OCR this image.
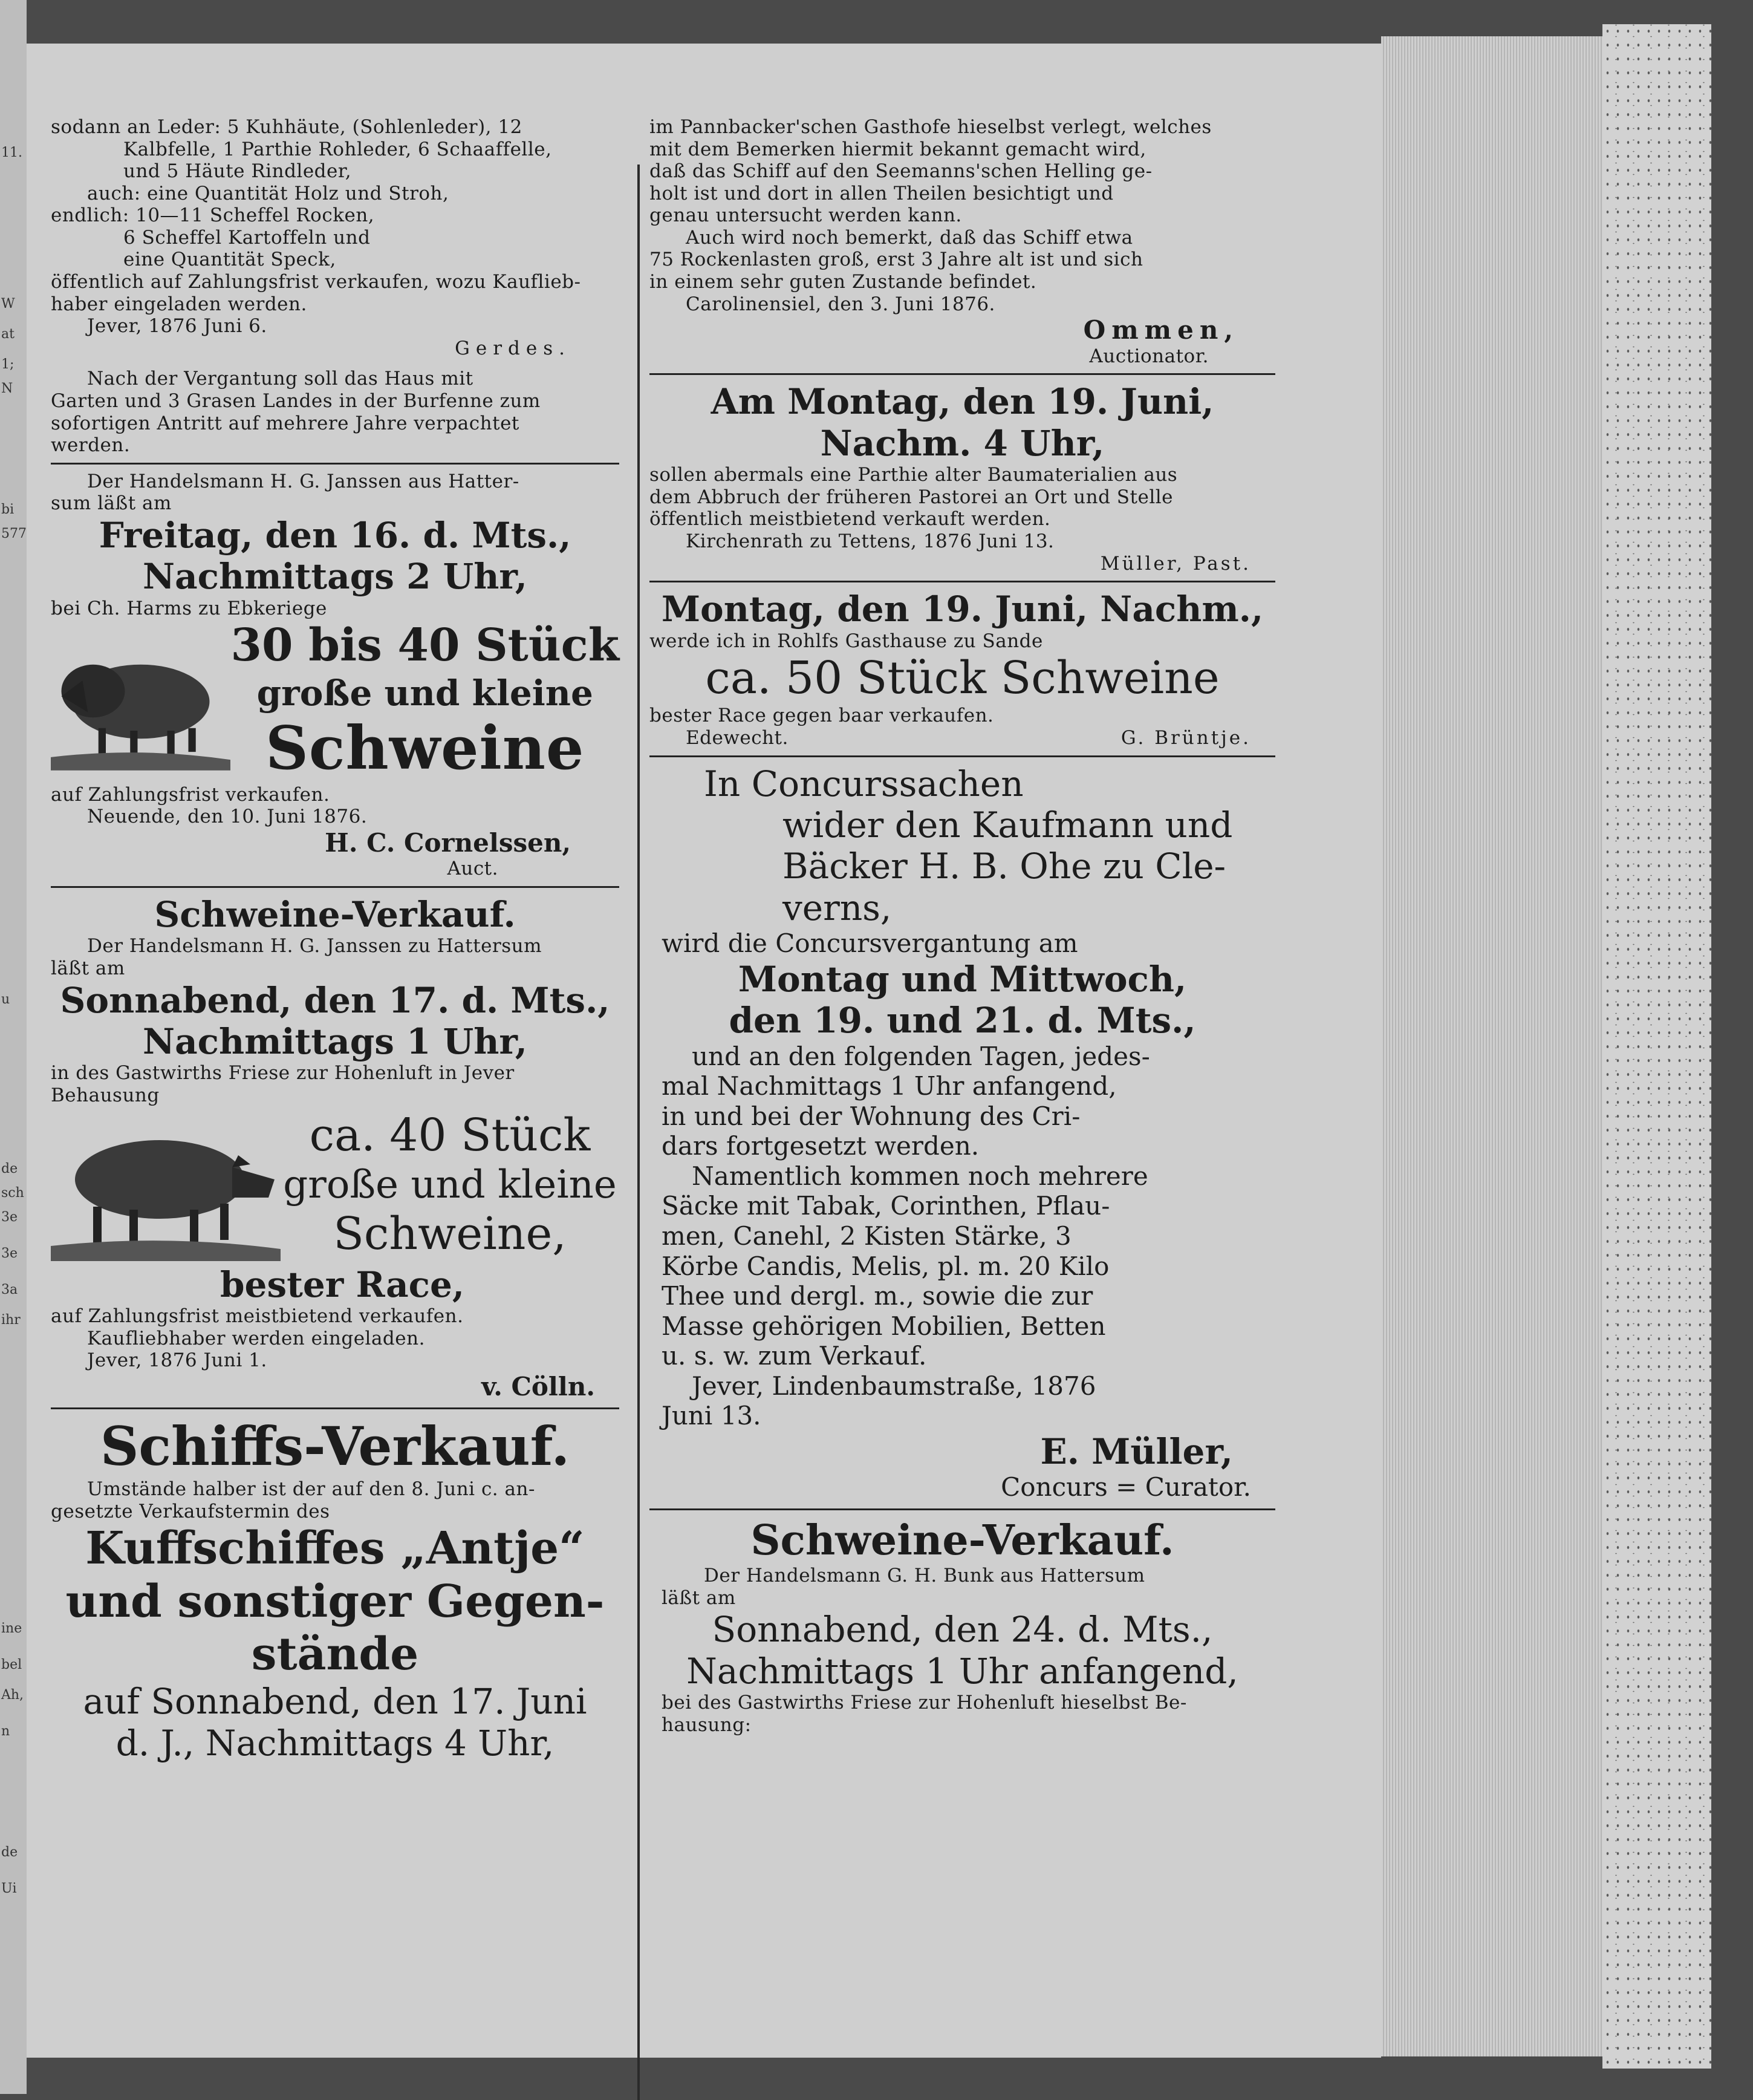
11.
W
at
1;
N
bi
577
u
de
sch
3e
3e
3a
ihr
ine
bel
Ah,
n
de
Ui
sodann an Leder: 5 Kuhhäute, (Sohlenleder), 12
Kalbfelle, 1 Parthie Rohleder, 6 Schaaffelle,
und 5 Häute Rindleder,
auch: eine Quantität Holz und Stroh,
endlich: 10—11 Scheffel Rocken,
6 Scheffel Kartoffeln und
eine Quantität Speck,
öffentlich auf Zahlungsfrist verkaufen, wozu Kauflieb-
haber eingeladen werden.
Jever, 1876 Juni 6.
Gerdes.
Nach der Vergantung soll das Haus mit
Garten und 3 Grasen Landes in der Burfenne zum
sofortigen Antritt auf mehrere Jahre verpachtet
werden.
Der Handelsmann H. G. Janssen aus Hatter-
sum läßt am
Freitag, den 16. d. Mts.,
Nachmittags 2 Uhr,
bei Ch. Harms zu Ebkeriege
30 bis 40 Stück
große und kleine
Schweine
auf Zahlungsfrist verkaufen.
Neuende, den 10. Juni 1876.
H. C. Cornelssen,
Auct.
Schweine-Verkauf.
Der Handelsmann H. G. Janssen zu Hattersum
läßt am
Sonnabend, den 17. d. Mts.,
Nachmittags 1 Uhr,
in des Gastwirths Friese zur Hohenluft in Jever
Behausung
ca. 40 Stück
große und kleine
Schweine,
bester Race,
auf Zahlungsfrist meistbietend verkaufen.
Kaufliebhaber werden eingeladen.
Jever, 1876 Juni 1.
v. Cölln.
Schiffs-Verkauf.
Umstände halber ist der auf den 8. Juni c. an-
gesetzte Verkaufstermin des
Kuffschiffes „Antje“
und sonstiger Gegen-
stände
auf Sonnabend, den 17. Juni
d. J., Nachmittags 4 Uhr,
im Pannbacker'schen Gasthofe hieselbst verlegt, welches
mit dem Bemerken hiermit bekannt gemacht wird,
daß das Schiff auf den Seemanns'schen Helling ge-
holt ist und dort in allen Theilen besichtigt und
genau untersucht werden kann.
Auch wird noch bemerkt, daß das Schiff etwa
75 Rockenlasten groß, erst 3 Jahre alt ist und sich
in einem sehr guten Zustande befindet.
Carolinensiel, den 3. Juni 1876.
Ommen,
Auctionator.
Am Montag, den 19. Juni,
Nachm. 4 Uhr,
sollen abermals eine Parthie alter Baumaterialien aus
dem Abbruch der früheren Pastorei an Ort und Stelle
öffentlich meistbietend verkauft werden.
Kirchenrath zu Tettens, 1876 Juni 13.
Müller, Past.
Montag, den 19. Juni, Nachm.,
werde ich in Rohlfs Gasthause zu Sande
ca. 50 Stück Schweine
bester Race gegen baar verkaufen.
Edewecht.	G. Brüntje.
In Concurssachen
wider den Kaufmann und
Bäcker H. B. Ohe zu Cle-
verns,
wird die Concursvergantung am
Montag und Mittwoch,
den 19. und 21. d. Mts.,
und an den folgenden Tagen, jedes-
mal Nachmittags 1 Uhr anfangend,
in und bei der Wohnung des Cri-
dars fortgesetzt werden.
Namentlich kommen noch mehrere
Säcke mit Tabak, Corinthen, Pflau-
men, Canehl, 2 Kisten Stärke, 3
Körbe Candis, Melis, pl. m. 20 Kilo
Thee und dergl. m., sowie die zur
Masse gehörigen Mobilien, Betten
u. s. w. zum Verkauf.
Jever, Lindenbaumstraße, 1876
Juni 13.
E. Müller,
Concurs = Curator.
Schweine-Verkauf.
Der Handelsmann G. H. Bunk aus Hattersum
läßt am
Sonnabend, den 24. d. Mts.,
Nachmittags 1 Uhr anfangend,
bei des Gastwirths Friese zur Hohenluft hieselbst Be-
hausung:
